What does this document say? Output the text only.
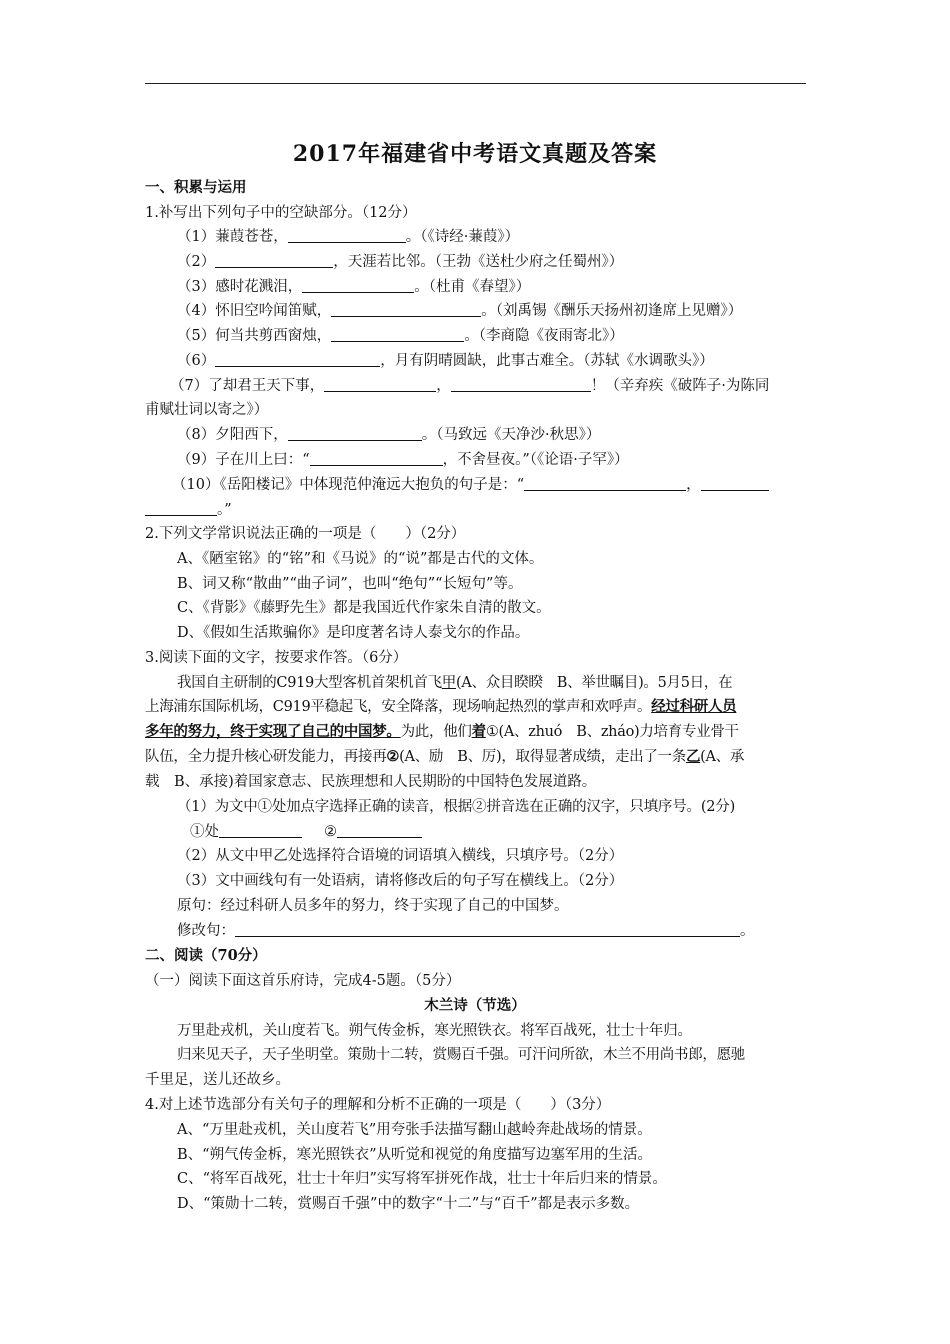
2017年福建省中考语文真题及答案
一、积累与运用
1.补写出下列句子中的空缺部分。（12分）
（1）蒹葭苍苍，	。（《诗经·蒹葭》）
（2）	，天涯若比邻。（王勃《送杜少府之任蜀州》）
（3）感时花溅泪，	。（杜甫《春望》）
（4）怀旧空吟闻笛赋，	。（刘禹锡《酬乐天扬州初逢席上见赠》）
（5）何当共剪西窗烛，	。（李商隐《夜雨寄北》）
（6）	，月有阴晴圆缺，此事古难全。（苏轼《水调歌头》）
（7）了却君王天下事，	，	！（辛弃疾《破阵子·为陈同
甫赋壮词以寄之》）
（8）夕阳西下，	。（马致远《天净沙·秋思》）
（9）子在川上曰：“	，不舍昼夜。”（《论语·子罕》）
（10）《岳阳楼记》中体现范仲淹远大抱负的句子是：“	，
。”
2.下列文学常识说法正确的一项是（　　）（2分）
A、《陋室铭》的“铭”和《马说》的“说”都是古代的文体。
B、词又称“散曲”“曲子词”，也叫“绝句”“长短句”等。
C、《背影》《藤野先生》都是我国近代作家朱自清的散文。
D、《假如生活欺骗你》是印度著名诗人泰戈尔的作品。
3.阅读下面的文字，按要求作答。（6分）
我国自主研制的C919大型客机首架机首飞甲(A、众目睽睽　B、举世瞩目)。5月5日，在
上海浦东国际机场，C919平稳起飞，安全降落，现场响起热烈的掌声和欢呼声。经过科研人员
多年的努力，终于实现了自己的中国梦。为此，他们着①(A、zhuó　B、zháo)力培育专业骨干
队伍，全力提升核心研发能力，再接再②(A、励　B、厉)，取得显著成绩，走出了一条乙(A、承
载　B、承接)着国家意志、民族理想和人民期盼的中国特色发展道路。
（1）为文中①处加点字选择正确的读音，根据②拼音选在正确的汉字，只填序号。(2分)
①处	②
（2）从文中甲乙处选择符合语境的词语填入横线，只填序号。（2分）
（3）文中画线句有一处语病，请将修改后的句子写在横线上。（2分）
原句：经过科研人员多年的努力，终于实现了自己的中国梦。
修改句：	。
二、阅读（70分）
（一）阅读下面这首乐府诗，完成4-5题。（5分）
木兰诗（节选）
万里赴戎机，关山度若飞。朔气传金柝，寒光照铁衣。将军百战死，壮士十年归。
归来见天子，天子坐明堂。策勋十二转，赏赐百千强。可汗问所欲，木兰不用尚书郎，愿驰
千里足，送儿还故乡。
4.对上述节选部分有关句子的理解和分析不正确的一项是（　　）（3分）
A、“万里赴戎机，关山度若飞”用夸张手法描写翻山越岭奔赴战场的情景。
B、“朔气传金柝，寒光照铁衣”从听觉和视觉的角度描写边塞军用的生活。
C、“将军百战死，壮士十年归”实写将军拼死作战，壮士十年后归来的情景。
D、“策勋十二转，赏赐百千强”中的数字“十二”与“百千”都是表示多数。
